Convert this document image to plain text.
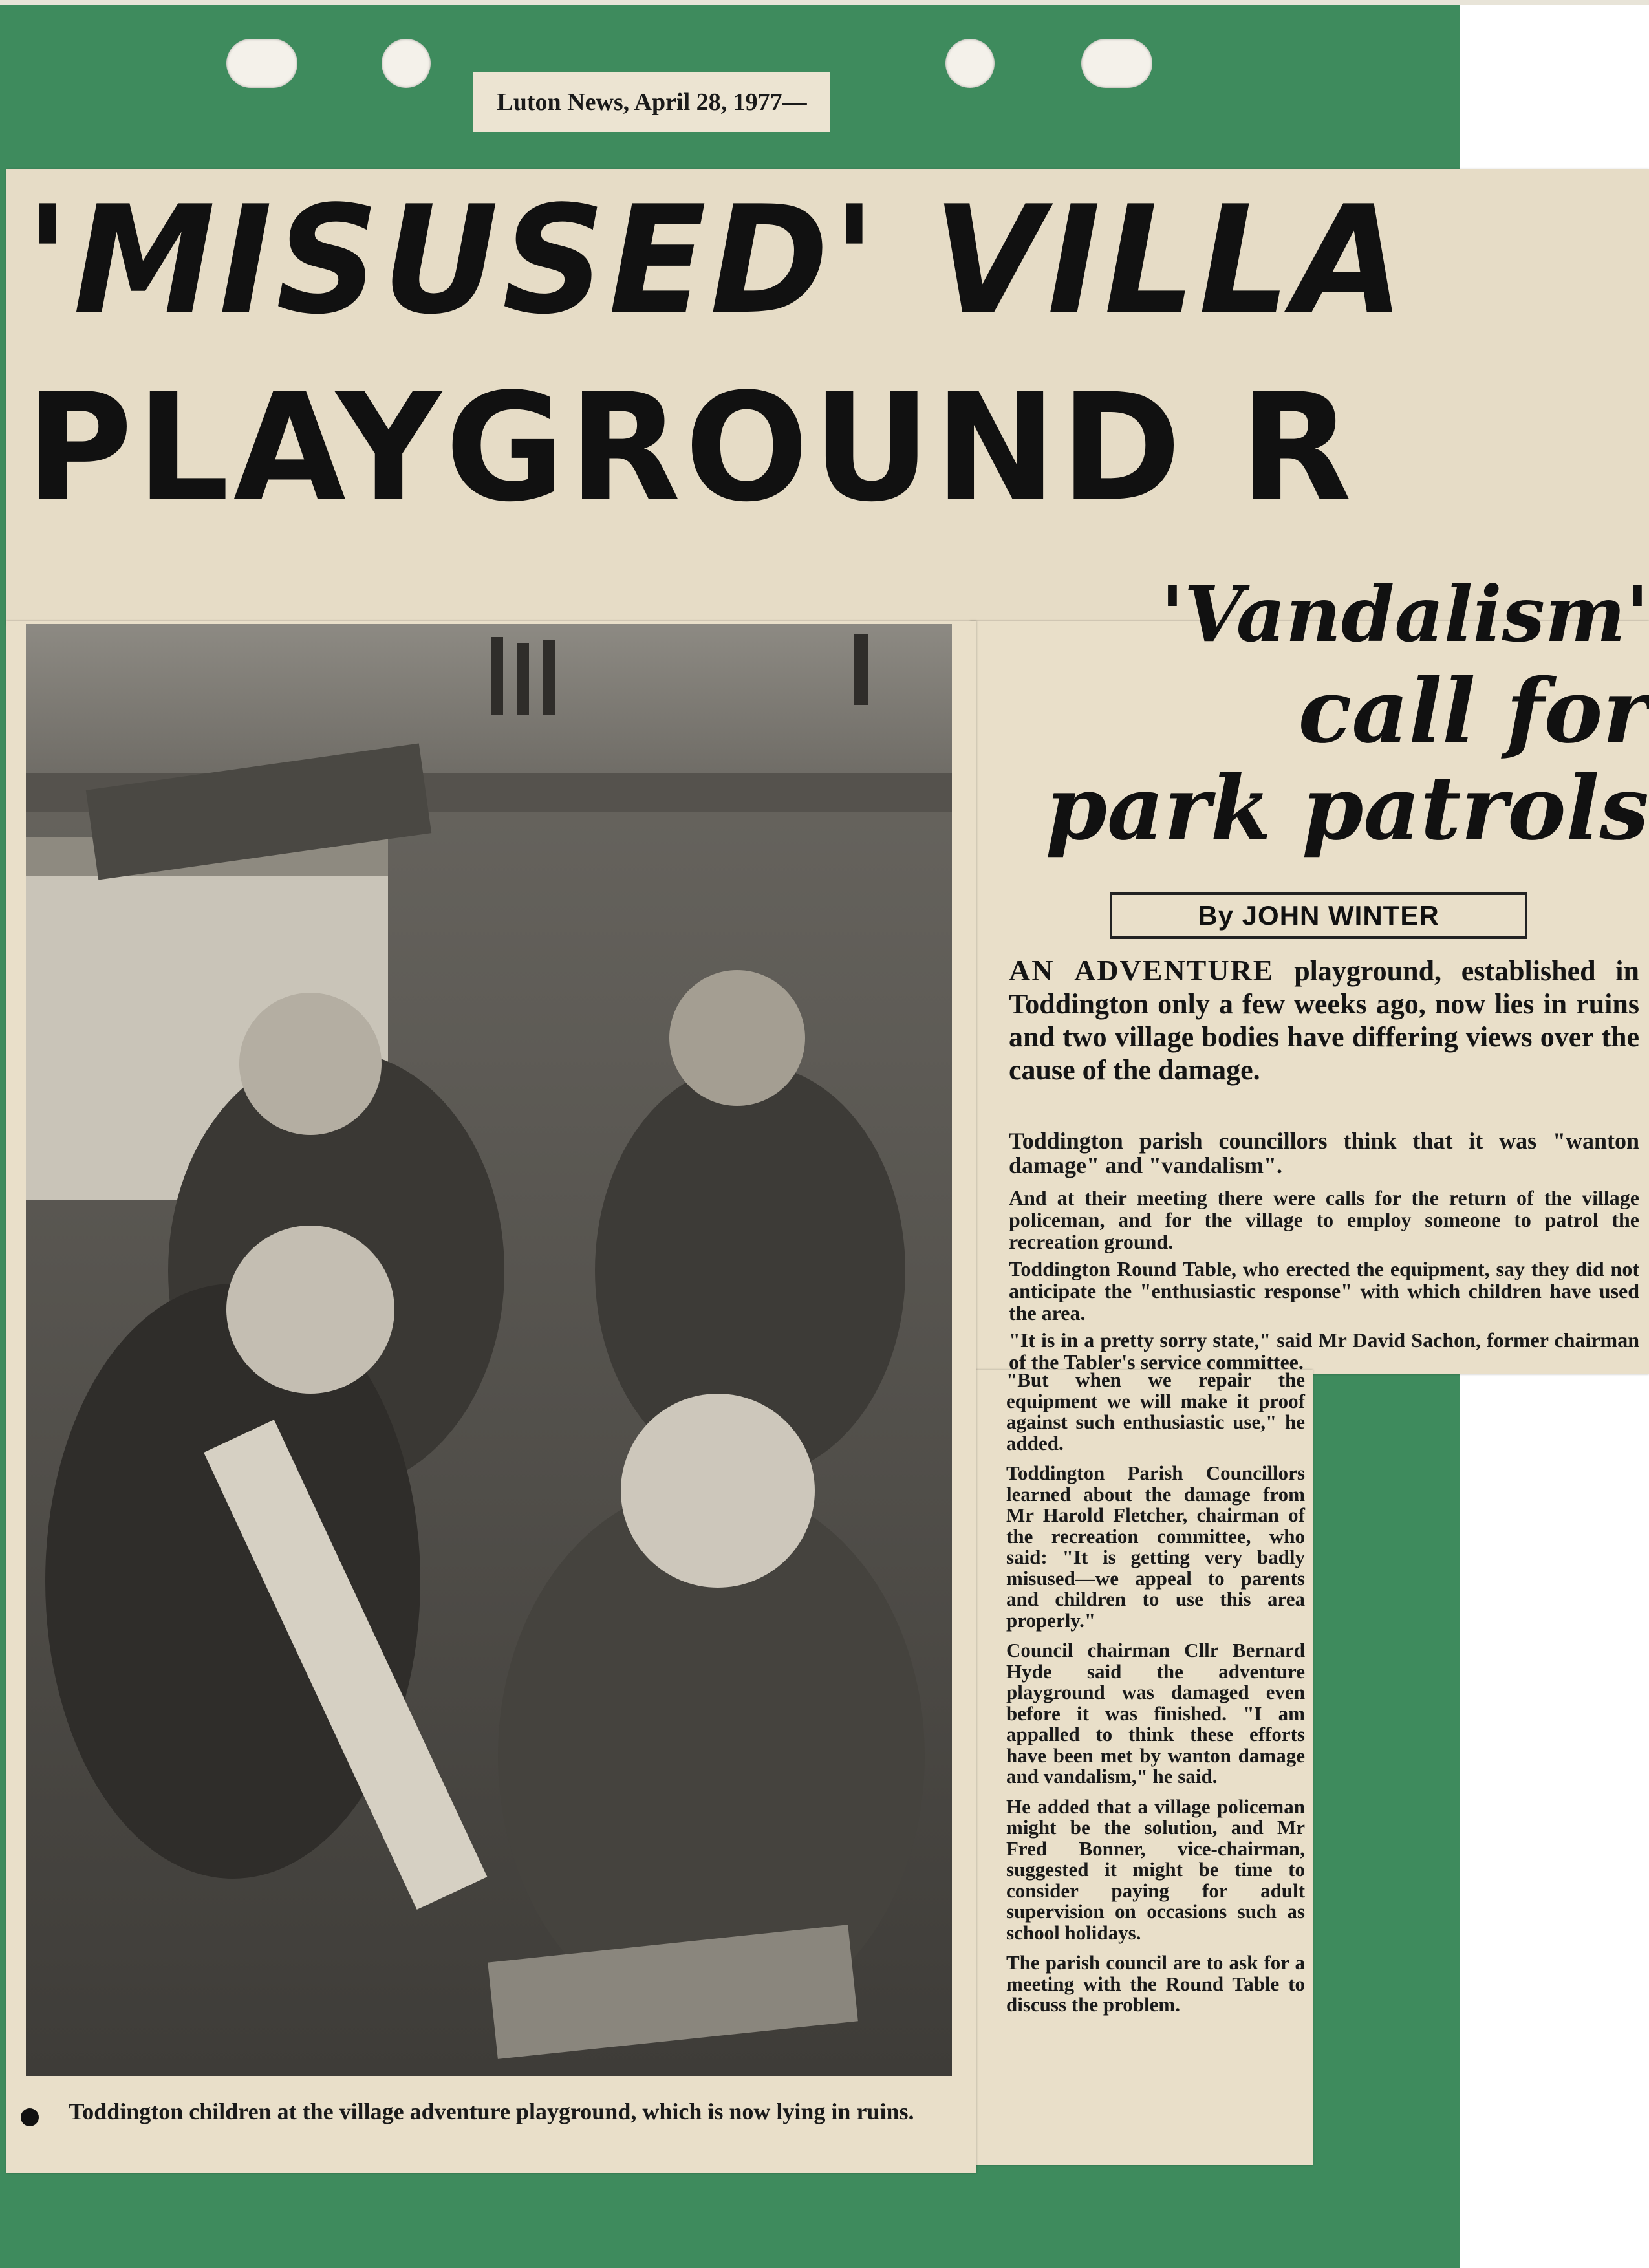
Luton News, April 28, 1977—
'MISUSED' VILLA
PLAYGROUND R
'Vandalism'
call for
park patrols
By JOHN WINTER
AN ADVENTURE playground, established in Toddington only a few weeks ago, now lies in ruins and two village bodies have differing views over the cause of the damage.

Toddington parish councillors think that it was "wanton damage" and "vandalism".

And at their meeting there were calls for the return of the village policeman, and for the village to employ someone to patrol the recreation ground.

Toddington Round Table, who erected the equipment, say they did not anticipate the "enthusiastic response" with which children have used the area.

"It is in a pretty sorry state," said Mr David Sachon, former chairman of the Tabler's service committee.

"But when we repair the equipment we will make it proof against such enthusiastic use," he added.

Toddington Parish Councillors learned about the damage from Mr Harold Fletcher, chairman of the recreation committee, who said: "It is getting very badly misused—we appeal to parents and children to use this area properly."

Council chairman Cllr Bernard Hyde said the adventure playground was damaged even before it was finished. "I am appalled to think these efforts have been met by wanton damage and vandalism," he said.

He added that a village policeman might be the solution, and Mr Fred Bonner, vice-chairman, suggested it might be time to consider paying for adult supervision on occasions such as school holidays.

The parish council are to ask for a meeting with the Round Table to discuss the problem.

Toddington children at the village adventure playground, which is now lying in ruins.
